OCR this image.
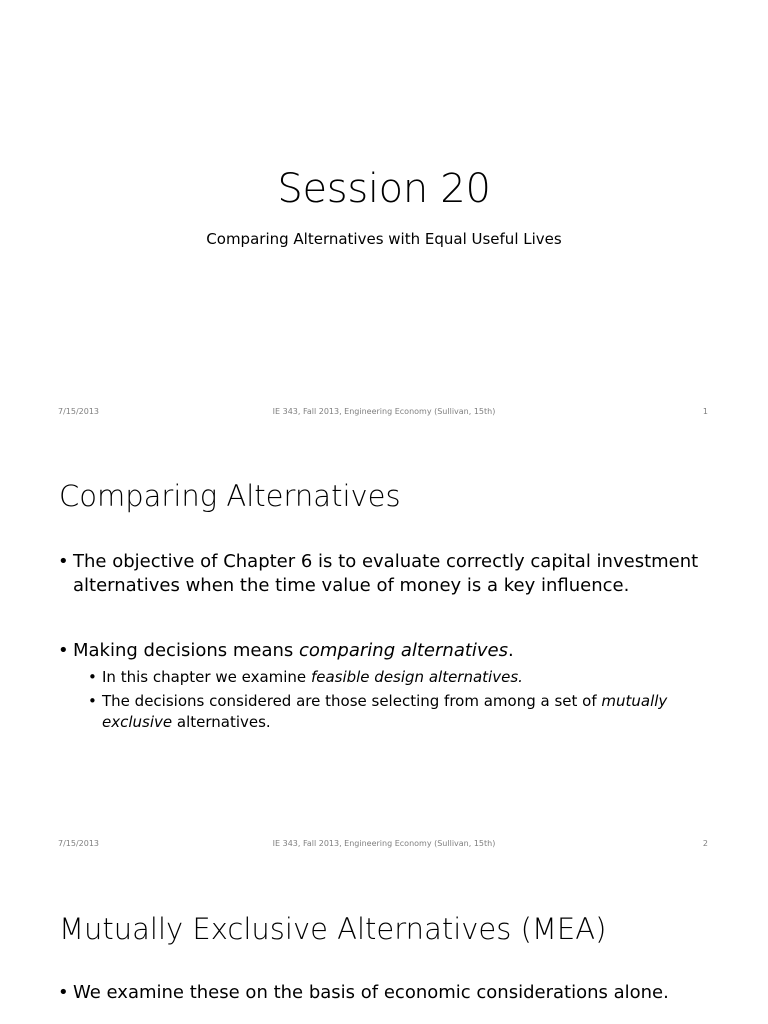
Session 20
Comparing Alternatives with Equal Useful Lives
7/15/2013	IE 343, Fall 2013, Engineering Economy (Sullivan, 15th)	1
Comparing Alternatives
• The objective of Chapter 6 is to evaluate correctly capital investment alternatives when the time value of money is a key influence.
• Making decisions means comparing alternatives.
• In this chapter we examine feasible design alternatives.
• The decisions considered are those selecting from among a set of mutually exclusive alternatives.
7/15/2013	IE 343, Fall 2013, Engineering Economy (Sullivan, 15th)	2
Mutually Exclusive Alternatives (MEA)
• We examine these on the basis of economic considerations alone.
